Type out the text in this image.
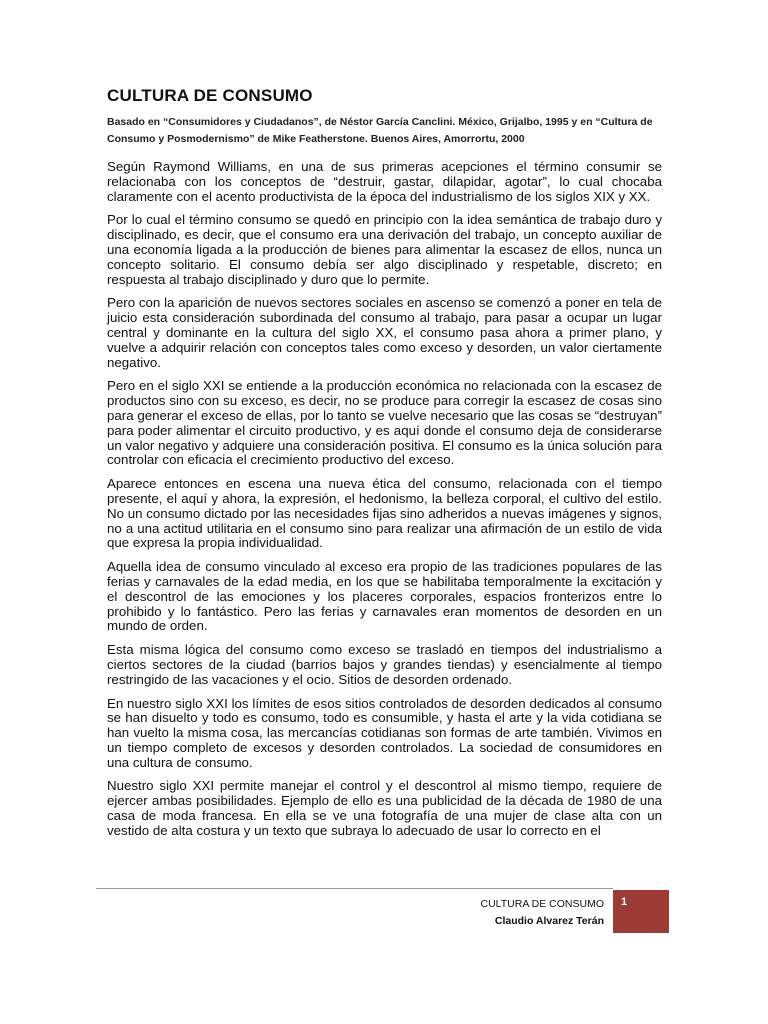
CULTURA DE CONSUMO
Basado en “Consumidores y Ciudadanos”, de Néstor García Canclini. México, Grijalbo, 1995 y en “Cultura de Consumo y Posmodernismo” de Mike Featherstone. Buenos Aires, Amorrortu, 2000

Según Raymond Williams, en una de sus primeras acepciones el término consumir se relacionaba con los conceptos de “destruir, gastar, dilapidar, agotar”, lo cual chocaba claramente con el acento productivista de la época del industrialismo de los siglos XIX y XX.

Por lo cual el término consumo se quedó en principio con la idea semántica de trabajo duro y disciplinado, es decir, que el consumo era una derivación del trabajo, un concepto auxiliar de una economía ligada a la producción de bienes para alimentar la escasez de ellos, nunca un concepto solitario. El consumo debía ser algo disciplinado y respetable, discreto; en respuesta al trabajo disciplinado y duro que lo permite.

Pero con la aparición de nuevos sectores sociales en ascenso se comenzó a poner en tela de juicio esta consideración subordinada del consumo al trabajo, para pasar a ocupar un lugar central y dominante en la cultura del siglo XX, el consumo pasa ahora a primer plano, y vuelve a adquirir relación con conceptos tales como exceso y desorden, un valor ciertamente negativo.

Pero en el siglo XXI se entiende a la producción económica no relacionada con la escasez de productos sino con su exceso, es decir, no se produce para corregir la escasez de cosas sino para generar el exceso de ellas, por lo tanto se vuelve necesario que las cosas se “destruyan” para poder alimentar el circuito productivo, y es aquí donde el consumo deja de considerarse un valor negativo y adquiere una consideración positiva. El consumo es la única solución para controlar con eficacia el crecimiento productivo del exceso.

Aparece entonces en escena una nueva ética del consumo, relacionada con el tiempo presente, el aquí y ahora, la expresión, el hedonismo, la belleza corporal, el cultivo del estilo. No un consumo dictado por las necesidades fijas sino adheridos a nuevas imágenes y signos, no a una actitud utilitaria en el consumo sino para realizar una afirmación de un estilo de vida que expresa la propia individualidad.

Aquella idea de consumo vinculado al exceso era propio de las tradiciones populares de las ferias y carnavales de la edad media, en los que se habilitaba temporalmente la excitación y el descontrol de las emociones y los placeres corporales, espacios fronterizos entre lo prohibido y lo fantástico. Pero las ferias y carnavales eran momentos de desorden en un mundo de orden.

Esta misma lógica del consumo como exceso se trasladó en tiempos del industrialismo a ciertos sectores de la ciudad (barrios bajos y grandes tiendas) y esencialmente al tiempo restringido de las vacaciones y el ocio. Sitios de desorden ordenado.

En nuestro siglo XXI los límites de esos sitios controlados de desorden dedicados al consumo se han disuelto y todo es consumo, todo es consumible, y hasta el arte y la vida cotidiana se han vuelto la misma cosa, las mercancías cotidianas son formas de arte también. Vivimos en un tiempo completo de excesos y desorden controlados. La sociedad de consumidores en una cultura de consumo.

Nuestro siglo XXI permite manejar el control y el descontrol al mismo tiempo, requiere de ejercer ambas posibilidades. Ejemplo de ello es una publicidad de la década de 1980 de una casa de moda francesa. En ella se ve una fotografía de una mujer de clase alta con un vestido de alta costura y un texto que subraya lo adecuado de usar lo correcto en el

CULTURA DE CONSUMO
Claudio Alvarez Terán
1
